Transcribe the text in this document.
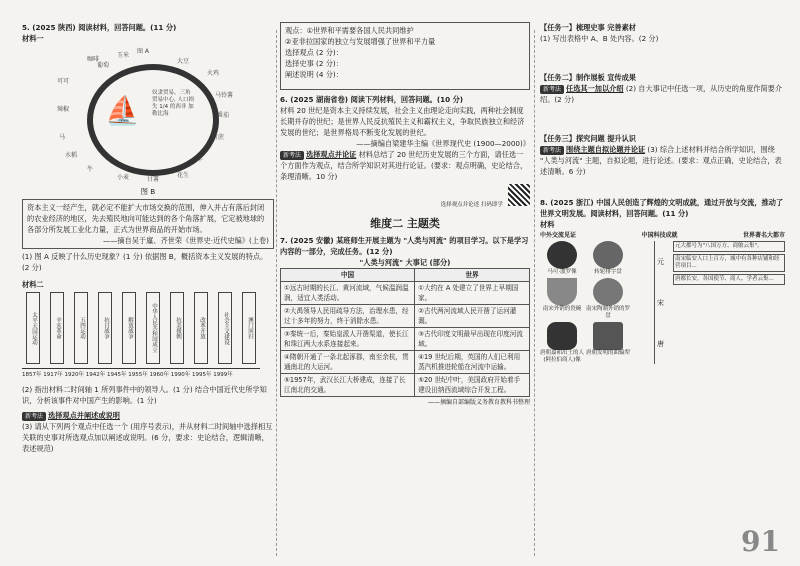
5. (2025 陕西) 阅读材料，回答问题。(11 分)

材料一

图 A
⛵
奴隶贸易、三角贸易中心, 人口损失 1/4 的西非 加勒比海
咖啡
玉米
大豆
火鸡
可可
马铃薯
番茄
辣椒
甘蔗
马
牛
羊
花生
甘薯
小麦
水稻
葡萄

图 B

资本主义一经产生，就必定不能扩大市场交换的范围，伸入并占有落后封闭的农业经济的地区，先去殖民地向可能达到的各个角落扩展，它定被地球的各部分所发展工业化力量，正式为世界商品的开始市场。

——摘自吴于廑、齐世荣《世界史·近代史编》(上卷)

(1) 图 A 反映了什么历史现象？(1 分) 依据图 B，概括资本主义发展的特点。(2 分)

材料二

太平天国运动	辛亥革命	五四运动	抗日战争	解放战争	中华人民共和国成立	抗美援朝	改革开放	社会主义建设	澳门回归
1857年 1917年 1920年 1942年 1945年 1955年 1960年 1990年 1995年 1999年

(2) 指出材料二时间轴 1 所列事件中的领导人。(1 分) 结合中国近代史所学知识，分析该事件对中国产生的影响。(1 分)

新考法 选择观点并阐述或说明

(3) 请从下列两个观点中任选一个 (用序号表示)，并从材料二时间轴中选择相互关联的史事对所选观点加以阐述或说明。(6 分，要求：史论结合，逻辑清晰，表述规范)

观点：①世界和平需要各国人民共同维护

②亚非拉国家的独立与发展增强了世界和平力量

选择观点 (2 分)：

选择史事 (2 分)：

阐述说明 (4 分)：

6. (2025 湖南省卷) 阅读下列材料，回答问题。(10 分)

材料 20 世纪是资本主义持续发展，社会主义由理论走向实践，两种社会制度长期并存的世纪；是世界人民反抗殖民主义和霸权主义，争取民族独立和经济发展的世纪；是世界格局不断变化发展的世纪。

——摘编自梁建华主编《世界现代史 (1900—2000)》

新考法 选择观点并论证 材料总结了 20 世纪历史发展的三个方面，请任选一个方面作为观点，结合所学知识对其进行论证。(要求：观点明确，史论结合，条理清晰。10 分)

选择观点并论述 扫码即学
维度二 主题类

7. (2025 安徽) 某班师生开展主题为 "人类与河流" 的项目学习。以下是学习内容的一部分，完成任务。(12 分)

"人类与河流" 大事记 (部分)

中国	世界
①远古时期的长江、黄河流域，气候温润温润，适宜人类活动。	①大约在 A 处建立了世界上早期国家。
②大禹领导人民用疏导方法，治理水患，经过十多年的努力，终于消除水患。	②古代两河流域人民开凿了运河灌溉。
③秦统一后，秦始皇派人开凿渠道，使长江和珠江两大水系连接起来。	③古代印度文明最早出现在印度河流域。
④隋朝开通了一条北起涿郡，南至余杭，贯通南北的大运河。	④19 世纪后期，英国的人们已利用蒸汽机推进轮船在河流中运输。
⑤1957年，武汉长江大桥建成，连接了长江南北的交通。	⑤20 世纪中叶，美国政府开始着手建设田纳西流域综合开发工程。

——摘编自部编版义务教育教科书整理

【任务一】梳理史事 完善素材

(1) 写出表格中 A、B 处内容。(2 分)

【任务二】制作展板 宣传成果

新考法 任选其一加以介绍 (2) 自大事记中任选一项，从历史的角度作简要介绍。(2 分)

【任务三】探究问题 提升认识

新考法 围绕主题自拟论题并论证 (3) 综合上述材料并结合所学知识，围绕 "人类与河流" 主题，自拟论题，进行论述。(要求：观点正确，史论结合，表述清晰。6 分)

8. (2025 浙江) 中国人民创造了辉煌的文明成就，通过开放与交流，推动了世界文明发展。阅读材料，回答问题。(11 分)

材料

中外交流见证	中国科技成就	世界著名大都市
马可·波罗像	转轮排字盘
南宋外销的瓷碗 南宋陶制外销的罗盘
唐朝嘉和出土的人(阿拉伯商人)像
唐朝发明的曲辕犁
元
宋
唐
元大都号为"八国万方、商舶云集"。
南宋临安人口上百万，城中有各种店铺和经营项目...
唐都长安，各国使节、商人、学者云集...
91
